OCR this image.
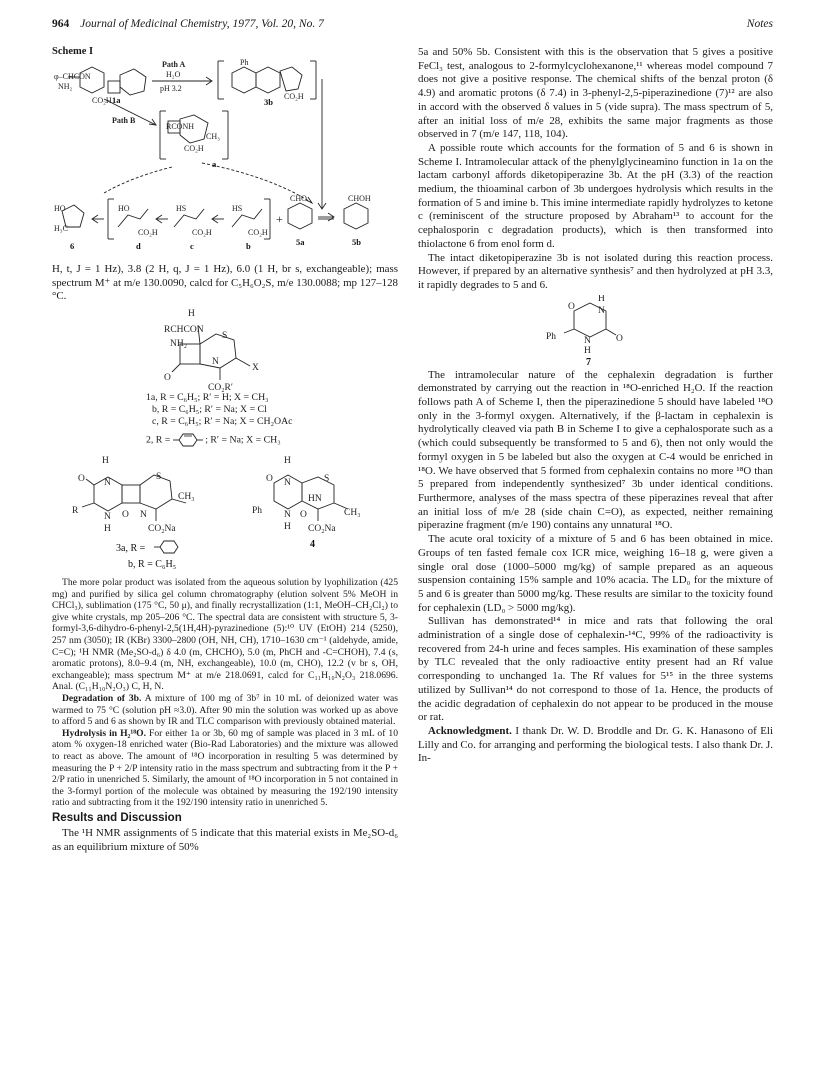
964 Journal of Medicinal Chemistry, 1977, Vol. 20, No. 7	Notes
Scheme I
+
φ–CHCON
NH₂
CO₂H
Path A
H₂O
pH 3.2
Ph
CO₂H
Path B
RCONH
CO₂H
CH₃
HO
H₃C
HO
CO₂H
HS
CO₂H
HS
CO₂H
CHO	CHOH
1a	3b
a
6	d	c	b	5a	5b

H, t, J = 1 Hz), 3.8 (2 H, q, J = 1 Hz), 6.0 (1 H, br s, exchangeable); mass spectrum M⁺ at m/e 130.0090, calcd for C₅H₆O₂S, m/e 130.0088; mp 127–128 °C.

H
RCHCON
NH₂
S
O
N
X
CO₂R′
1a, R = C₆H₅; R′ = H; X = CH₃
b, R = C₆H₅; R′ = Na; X = Cl
c, R = C₆H₅; R′ = Na; X = CH₂OAc
2, R =	; R′ = Na; X = CH₃
H
O N
S
CH₃
R
N
H
O N
CO₂Na
H
O N	S
Ph N
H
O
HN
CH₃
CO₂Na
4
3a, R =
b, R = C₆H₅

The more polar product was isolated from the aqueous solution by lyophilization (425 mg) and purified by silica gel column chromatography (elution solvent 5% MeOH in CHCl₃), sublimation (175 °C, 50 μ), and finally recrystallization (1:1, MeOH–CH₂Cl₂) to give white crystals, mp 205–206 °C. The spectral data are consistent with structure 5, 3-formyl-3,6-dihydro-6-phenyl-2,5(1H,4H)-pyrazinedione (5):¹⁰ UV (EtOH) 214 (5250), 257 nm (3050); IR (KBr) 3300–2800 (OH, NH, CH), 1710–1630 cm⁻¹ (aldehyde, amide, C=C); ¹H NMR (Me₂SO-d₆) δ 4.0 (m, CHCHO), 5.0 (m, PhCH and -C=CHOH), 7.4 (s, aromatic protons), 8.0–9.4 (m, NH, exchangeable), 10.0 (m, CHO), 12.2 (v br s, OH, exchangeable); mass spectrum M⁺ at m/e 218.0691, calcd for C₁₁H₁₀N₂O₃ 218.0696. Anal. (C₁₁H₁₀N₂O₃) C, H, N.

Degradation of 3b. A mixture of 100 mg of 3b⁷ in 10 mL of deionized water was warmed to 75 °C (solution pH ≈3.0). After 90 min the solution was worked up as above to afford 5 and 6 as shown by IR and TLC comparison with previously obtained material.

Hydrolysis in H₂¹⁸O. For either 1a or 3b, 60 mg of sample was placed in 3 mL of 10 atom % oxygen-18 enriched water (Bio-Rad Laboratories) and the mixture was allowed to react as above. The amount of ¹⁸O incorporation in resulting 5 was determined by measuring the P + 2/P intensity ratio in the mass spectrum and subtracting from it the P + 2/P ratio in unenriched 5. Similarly, the amount of ¹⁸O incorporation in 5 not contained in the 3-formyl portion of the molecule was obtained by measuring the 192/190 intensity ratio and subtracting from it the 192/190 intensity ratio in unenriched 5.

Results and Discussion

The ¹H NMR assignments of 5 indicate that this material exists in Me₂SO-d₆ as an equilibrium mixture of 50%

5a and 50% 5b. Consistent with this is the observation that 5 gives a positive FeCl₃ test, analogous to 2-formylcyclohexanone,¹¹ whereas model compound 7 does not give a positive response. The chemical shifts of the benzal proton (δ 4.9) and aromatic protons (δ 7.4) in 3-phenyl-2,5-piperazinedione (7)¹² are also in accord with the observed δ values in 5 (vide supra). The mass spectrum of 5, after an initial loss of m/e 28, exhibits the same major fragments as those observed in 7 (m/e 147, 118, 104).

A possible route which accounts for the formation of 5 and 6 is shown in Scheme I. Intramolecular attack of the phenylglycineamino function in 1a on the lactam carbonyl affords diketopiperazine 3b. At the pH (3.3) of the reaction medium, the thioaminal carbon of 3b undergoes hydrolysis which results in the formation of 5 and imine b. This imine intermediate rapidly hydrolyzes to ketone c (reminiscent of the structure proposed by Abraham¹³ to account for the cephalosporin c degradation products), which is then transformed into thiolactone 6 from enol form d.

The intact diketopiperazine 3b is not isolated during this reaction process. However, if prepared by an alternative synthesis⁷ and then hydrolyzed at pH 3.3, it rapidly degrades to 5 and 6.

H
O N
Ph	N
H
O
7

The intramolecular nature of the cephalexin degradation is further demonstrated by carrying out the reaction in ¹⁸O-enriched H₂O. If the reaction follows path A of Scheme I, then the piperazinedione 5 should have labeled ¹⁸O only in the 3-formyl oxygen. Alternatively, if the β-lactam in cephalexin is hydrolytically cleaved via path B in Scheme I to give a cephalosporate such as a (which could subsequently be transformed to 5 and 6), then not only would the formyl oxygen in 5 be labeled but also the oxygen at C-4 would be enriched in ¹⁸O. We have observed that 5 formed from cephalexin contains no more ¹⁸O than 5 prepared from independently synthesized⁷ 3b under identical conditions. Furthermore, analyses of the mass spectra of these piperazines reveal that after an initial loss of m/e 28 (side chain C=O), as expected, neither remaining piperazine fragment (m/e 190) contains any unnatural ¹⁸O.

The acute oral toxicity of a mixture of 5 and 6 has been obtained in mice. Groups of ten fasted female cox ICR mice, weighing 16–18 g, were given a single oral dose (1000–5000 mg/kg) of sample prepared as an aqueous suspension containing 15% sample and 10% acacia. The LD₀ for the mixture of 5 and 6 is greater than 5000 mg/kg. These results are similar to the toxicity found for cephalexin (LD₀ > 5000 mg/kg).

Sullivan has demonstrated¹⁴ in mice and rats that following the oral administration of a single dose of cephalexin-¹⁴C, 99% of the radioactivity is recovered from 24-h urine and feces samples. His examination of these samples by TLC revealed that the only radioactive entity present had an Rf value corresponding to unchanged 1a. The Rf values for 5¹⁵ in the three systems utilized by Sullivan¹⁴ do not correspond to those of 1a. Hence, the products of the acidic degradation of cephalexin do not appear to be produced in the mouse or rat.

Acknowledgment. I thank Dr. W. D. Broddle and Dr. G. K. Hanasono of Eli Lilly and Co. for arranging and performing the biological tests. I also thank Dr. J. In-
